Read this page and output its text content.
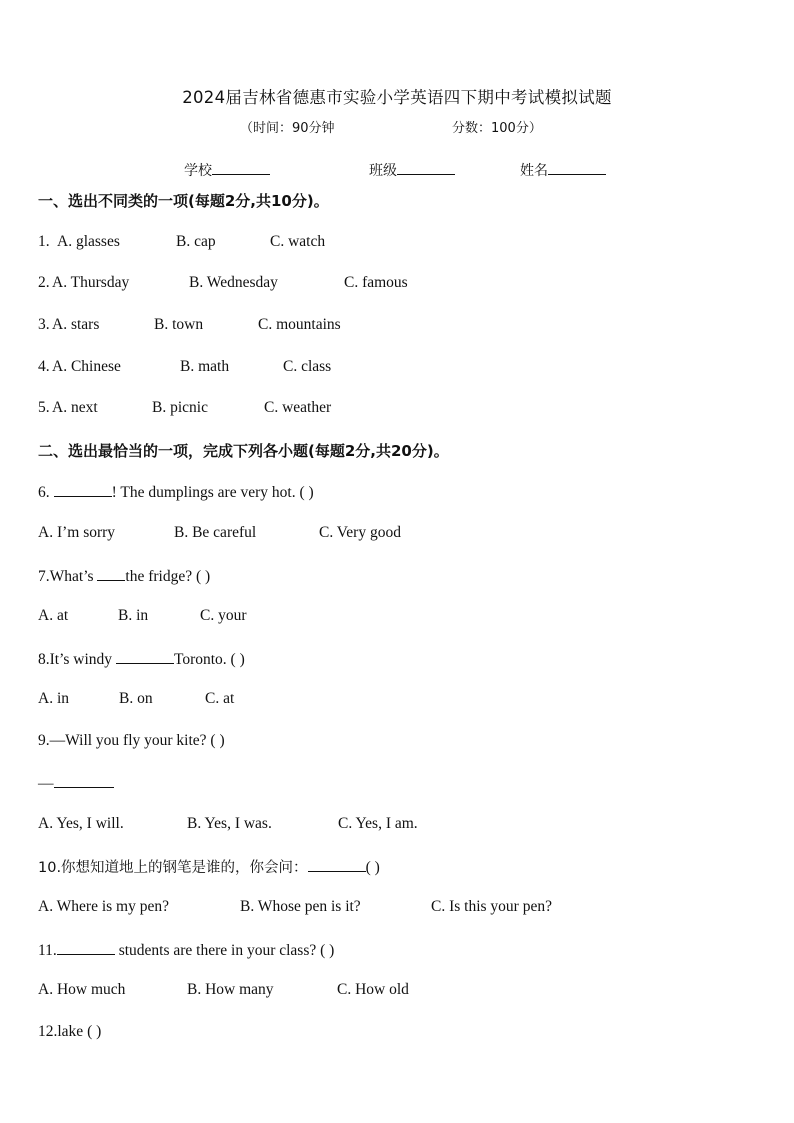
2024届吉林省德惠市实验小学英语四下期中考试模拟试题
（时间：90分钟	分数：100分）
学校	班级	姓名
一、选出不同类的一项(每题2分,共10分)。
1. A. glasses	B. cap	C. watch
2. A. Thursday	B. Wednesday	C. famous
3. A. stars	B. town	C. mountains
4. A. Chinese	B. math	C. class
5. A. next	B. picnic	C. weather
二、选出最恰当的一项，完成下列各小题(每题2分,共20分)。
6.	! The dumplings are very hot. ( )
A. I’m sorry	B. Be careful	C. Very good
7.What’s the fridge? ( )
A. at	B. in	C. your
8.It’s windy	Toronto. ( )
A. in	B. on	C. at
9.—Will you fly your kite? ( )
—
A. Yes, I will.	B. Yes, I was.	C. Yes, I am.
10.你想知道地上的钢笔是谁的，你会问：	( )
A. Where is my pen?	B. Whose pen is it?	C. Is this your pen?
11.	students are there in your class? ( )
A. How much	B. How many	C. How old
12.lake ( )
